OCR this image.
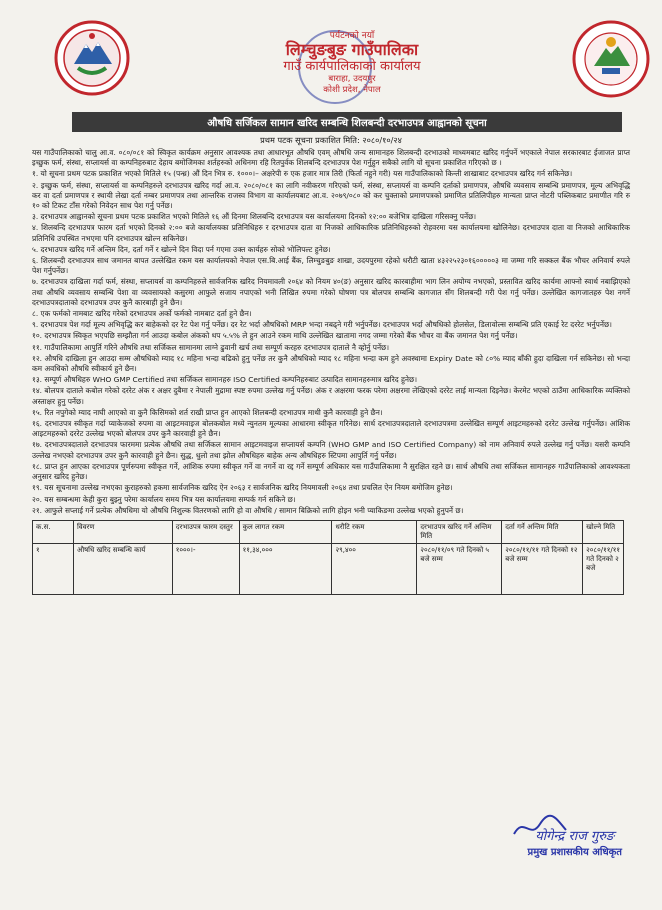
पर्यटनको नयाँ
लिम्चुङबुङ गाउँपालिका
गाउँ कार्यपालिकाको कार्यालय
बाराहा, उदयपुर
कोशी प्रदेश, नेपाल
औषधि सर्जिकल सामान खरिद सम्बन्धि शिलबन्दी दरभाउपत्र आह्वानको सूचना
प्रथम पटक सूचना प्रकाशित मिति: २०८०/१०/२४

यस गाउँपालिकाको चालु आ.व. ०८०/०८१ को स्विकृत कार्यक्रम अनुसार आवश्यक तथा आधारभूत औषधि एवम् औषधि जन्य सामानहरु शिलबन्दी दरभाउको माध्यमबाट खरिद गर्नुपर्ने भएकाले नेपाल सरकारबाट ईजाजत प्राप्त इच्छुक फर्म, संस्था, सप्लायर्स वा कम्पनिहरुबाट देहाय बमोजिमका शर्तहरुको अधिनमा रहि रितपुर्वक शिलबन्दि दरभाउपत्र पेश गर्नुहुन सबैको लागि यो सूचना प्रकाशित गरिएको छ ।

१. यो सूचना प्रथम पटक प्रकाशित भएको मितिले १५ (पन्ध्र) औं दिन भित्र रु. १०००।– अक्षरेपी रु एक हजार मात्र तिरी (फिर्ता नहुने गरी) यस गाउँपालिकाको किन्ती शाखाबाट दरभाउपत्र खरिद गर्न सकिनेछ।

२. इच्छुक फर्म, संस्था, सप्लायर्स वा कम्पनिहरुले दरभाउपत्र खरिद गर्दा आ.व. २०८०/०८१ का लागि नवीकरण गरिएको फर्म, संस्था, सप्लायर्स वा कम्पनि दर्ताको प्रमाणपत्र, औषधि व्यवसाय सम्बन्धि प्रमाणपत्र, मूल्य अभिवृद्धि कर वा दर्ता प्रमाणपत्र र स्थायी लेखा दर्ता नम्बर प्रमाणपत्र तथा आन्तरिक राजस्व विभाग वा कार्यालयबाट आ.व. २०७९/०८० को कर चुक्ताको प्रमाणपत्रको प्रमाणित प्रतिलिपीहरु मान्यता प्राप्त नोटरी पब्लिकबाट प्रमाणीत गरि रु १० को टिकट टाँस गरेको निवेदन साथ पेश गर्नु पर्नेछ।

३. दरभाउपत्र आह्वानको सूचना प्रथम पटक प्रकाशित भएको मितिले १६ औं दिनमा शिलबन्दि दरभाउपत्र यस कार्यालयमा दिनको १२:०० बजेभित्र दाखिला गरिसक्नु पर्नेछ।

४. शिलबन्दि दरभाउपत्र फारम दर्ता भएको दिनको २:०० बजे कार्यालयका प्रतिनिधिहरु र दरभाउपत्र दाता वा निजको आधिकारिक प्रतिनिधिहरुको रोहवरमा यस कार्यालयमा खोलिनेछ। दरभाउपत्र दाता वा निजको आधिकारिक प्रतिनिधि उपस्थित नभएमा पनि दरभाउपत्र खोल्न सकिनेछ।

५. दरभाउपत्र खरिद गर्ने अन्तिम दिन, दर्ता गर्ने र खोल्ने दिन विदा पर्न गएमा उक्त कार्यहरु सोको भोलिपल्ट हुनेछ।

६. शिलबन्दी दरभाउपत्र साथ जमानत बापत उल्लेखित रकम यस कार्यालयको नेपाल एस.बि.आई बैंक, लिम्चुङबुङ शाखा, उदयपुरमा रहेको धरौटी खाता ४३२२५२३०१६०००००३ मा जम्मा गरि सक्कल बैंक भौचर अनिवार्य रुपले पेश गर्नुपर्नेछ।

७. दरभाउपत्र दाखिला गर्दा फर्म, संस्था, सप्लायर्स वा कम्पनिहरुले सार्वजनिक खरिद नियमावली २०६४ को नियम ४०(ङ) अनुसार खरिद कारबाहीमा भाग लिन अयोग्य नभएको, प्रस्तावित खरिद कार्यमा आफ्नो स्वार्थ नबाझिएको तथा औषधि व्यवसाय सम्बन्धि पेशा वा व्यवसायको कसुरमा आफुले सजाय नपाएको भनी लिखित रुपमा गरेको घोषणा पत्र बोलपत्र सम्बन्धि कागजात सँग शिलबन्दी गरी पेश गर्नु पर्नेछ। उल्लेखित कागजातहरु पेश नगर्ने दरभाउपत्रदाताको दरभाउपत्र उपर कुनै कारबाही हुने छैन।

८. एक फर्मको नामबाट खरिद गरेको दरभाउपत्र अर्को फर्मको नामबाट दर्ता हुने छैन।

९. दरभाउपत्र पेश गर्दा मूल्य अभिवृद्धि कर बाहेकको दर रेट पेश गर्नु पर्नेछ। दर रेट भर्दा औषधिको MRP भन्दा नबढ्ने गरी भर्नुपर्नेछ। दरभाउपत्र भर्दा औषधिको होलसेल, डिलावोल्स सम्बन्धि प्रति एकाई रेट दररेट भर्नुपर्नेछ।

१०. दरभाउपत्र स्विकृत भएपछि सम्झौता गर्न आउदा कबोल अंकको थप ५.५% ले हुन आउने रकम माथि उल्लेखित खातामा नगद जम्मा गरेको बैंक भौचर वा बैंक जमानत पेश गर्नु पर्नेछ।

११. गाउँपालिकामा आपुर्ति गरिने औषधि तथा सर्जिकल सामानमा लाग्ने ढुवानी खर्च तथा सम्पूर्ण करहरु दरभाउपत्र दाताले नै व्होर्नु पर्नेछ।

१२. औषधि दाखिला हुन आउदा सम्म औषधिको म्याद १८ महिना भन्दा बढिको हुनु पर्नेछ तर कुनै औषधिको म्याद १८ महिना भन्दा कम हुने अवस्थामा Expiry Date को ८०% म्याद बाँकी हुदा दाखिला गर्न सकिनेछ। सो भन्दा कम अवधिको औषधि स्वीकार्य हुने छैन।

१३. सम्पूर्ण औषधिहरु WHO GMP Certified तथा सर्जिकल सामानहरु ISO Certified कम्पनिहरुबाट उत्पादित सामानहरुमात्र खरिद हुनेछ।

१४. बोलपत्र दाताले कबोल गरेको दररेट अंक र अक्षर दुबैमा र नेपाली मुद्रामा स्पष्ट रुपमा उल्लेख गर्नु पर्नेछ। अंक र अक्षरमा फरक परेमा अक्षरमा लेखिएको दररेट लाई मान्यता दिइनेछ। केरमेट भएको ठाउँमा आधिकारिक व्यक्तिको अस्ताक्षर हुनु पर्नेछ।

१५. रित नपुगेको म्याद नाघी आएको वा कुनै किसिमको शर्त राखी प्राप्त हुन आएको शिलबन्दी दरभाउपत्र माथी कुनै कारवाही हुने छैन।

१६. दरभाउपत्र स्वीकृत गर्दा प्याकेजको रुपमा वा आइटमवाइज बोलकबोल मध्ये न्युनतम मूल्यका आधारमा स्वीकृत गरिनेछ। सार्थ दरभाउपत्रदाताले दरभाउपत्रमा उल्लेखित सम्पूर्ण आइटमहरुको दररेट उल्लेख गर्नुपर्नेछ। आंशिक आइटमहरुको दररेट उल्लेख भएको बोलपत्र उपर कुनै कारवाही हुने छैन।

१७. दरभाउपत्रदाताले दरभाउपत्र फारममा प्रत्येक औषधि तथा सर्जिकल सामान आइटमवाइज सप्लायर्स कम्पनि (WHO GMP and ISO Certified Company) को नाम अनिवार्य रुपले उल्लेख गर्नु पर्नेछ। यसरी कम्पनि उल्लेख नभएको दरभाउपत्र उपर कुनै कारवाही हुने छैन। सुद्ध, धुलो तथा झोल औषधिहरु बाहेक अन्य औषधिहरु स्टिपमा आपुर्ति गर्नु पर्नेछ।

१८. प्राप्त हुन आएका दरभाउपत्र पूर्णरुपमा स्वीकृत गर्ने, आंशिक रुपमा स्वीकृत गर्ने वा नगर्ने वा रद्द गर्ने सम्पूर्ण अधिकार यस गाउँपालिकामा नै सुरक्षित रहने छ। सार्थ औषधि तथा सर्जिकल सामानहरु गाउँपालिकाको आवश्यकता अनुसार खरिद हुनेछ।

१९. यस सूचनामा उल्लेख नभएका कुराहरुको हकमा सार्वजनिक खरिद ऐन २०६३ र सार्वजनिक खरिद नियमावली २०६४ तथा प्रचलित ऐन नियम बमोजिम हुनेछ।

२०. यस सम्बन्धमा केही कुरा बुझ्नु परेमा कार्यालय समय भित्र यस कार्यालयमा सम्पर्क गर्न सकिने छ।

२१. आफुले सप्लाई गर्ने प्रत्येक औषधिमा यो औषधि निशुल्क वितरणको लागि हो वा औषधि / सामान बिक्रिको लागि होइन भनी प्याकिङमा उल्लेख भएको हुनुपर्ने छ।

क.स.	विवरण	दरभाउपत्र फारम दस्तुर	कुल लागत रकम	धरौटि रकम	दरभाउपत्र खरिद गर्ने अन्तिम मिति	दर्ता गर्ने अन्तिम मिति	खोल्ने मिति
१	औषधि खरिद सम्बन्धि कार्य	१०००।-	११,३४,०००	२९,४००	२०८०/११/०९ गते दिनको ५ बजे सम्म	२०८०/११/११ गते दिनको १२ बजे सम्म	२०८०/११/११ गते दिनको २ बजे
योगेन्द्र राज गुरुङ
प्रमुख प्रशासकीय अधिकृत
